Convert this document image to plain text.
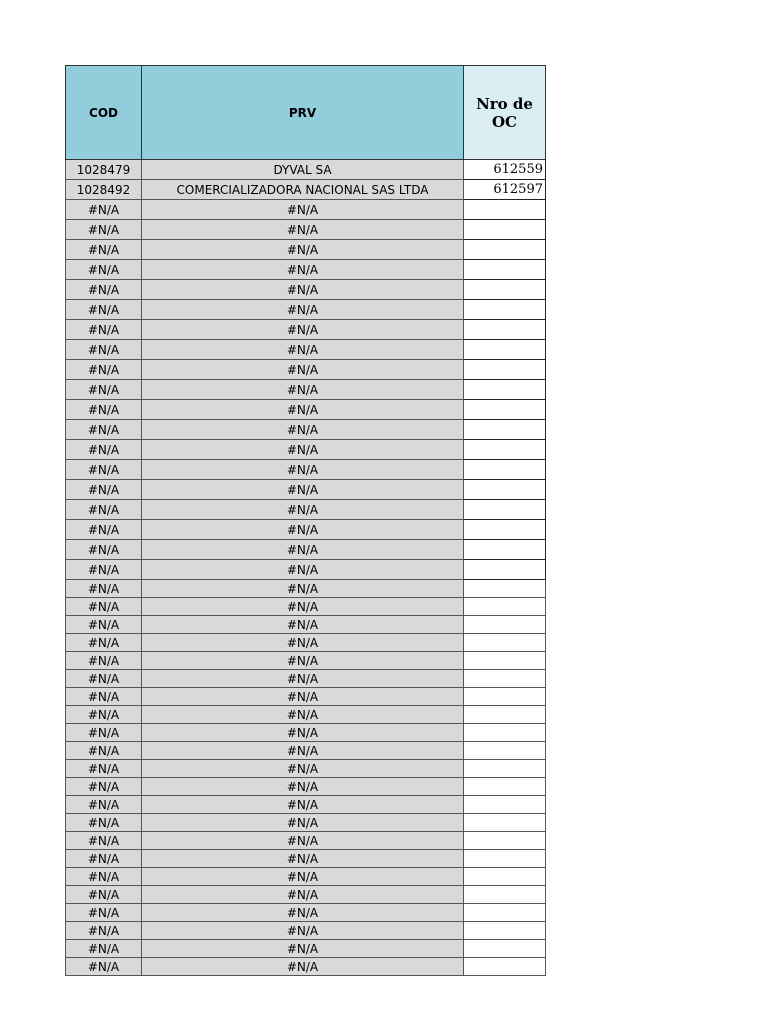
COD	PRV	Nro de OC
1028479	DYVAL SA	612559
1028492	COMERCIALIZADORA NACIONAL SAS LTDA	612597
#N/A	#N/A	
#N/A	#N/A	
#N/A	#N/A	
#N/A	#N/A	
#N/A	#N/A	
#N/A	#N/A	
#N/A	#N/A	
#N/A	#N/A	
#N/A	#N/A	
#N/A	#N/A	
#N/A	#N/A	
#N/A	#N/A	
#N/A	#N/A	
#N/A	#N/A	
#N/A	#N/A	
#N/A	#N/A	
#N/A	#N/A	
#N/A	#N/A	
#N/A	#N/A	
#N/A	#N/A	
#N/A	#N/A	
#N/A	#N/A	
#N/A	#N/A	
#N/A	#N/A	
#N/A	#N/A	
#N/A	#N/A	
#N/A	#N/A	
#N/A	#N/A	
#N/A	#N/A	
#N/A	#N/A	
#N/A	#N/A	
#N/A	#N/A	
#N/A	#N/A	
#N/A	#N/A	
#N/A	#N/A	
#N/A	#N/A	
#N/A	#N/A	
#N/A	#N/A	
#N/A	#N/A	
#N/A	#N/A	
#N/A	#N/A	
